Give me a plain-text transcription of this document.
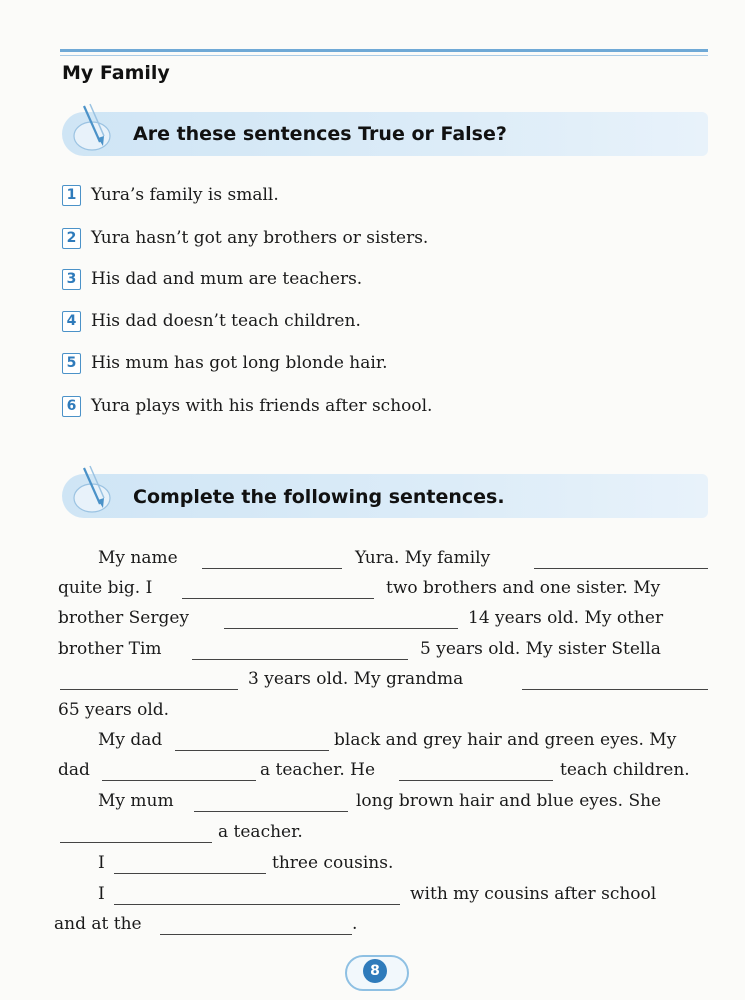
My Family
Are these sentences True or False?
1 Yura’s family is small.
2 Yura hasn’t got any brothers or sisters.
3 His dad and mum are teachers.
4 His dad doesn’t teach children.
5 His mum has got long blonde hair.
6 Yura plays with his friends after school.
Complete the following sentences.
My name	Yura. My family
quite big. I	two brothers and one sister. My
brother Sergey	14 years old. My other
brother Tim	5 years old. My sister Stella
3 years old. My grandma
65 years old.
My dad	black and grey hair and green eyes. My
dad	a teacher. He	teach children.
My mum	long brown hair and blue eyes. She
a teacher.
I	three cousins.
I	with my cousins after school
and at the	.
8
